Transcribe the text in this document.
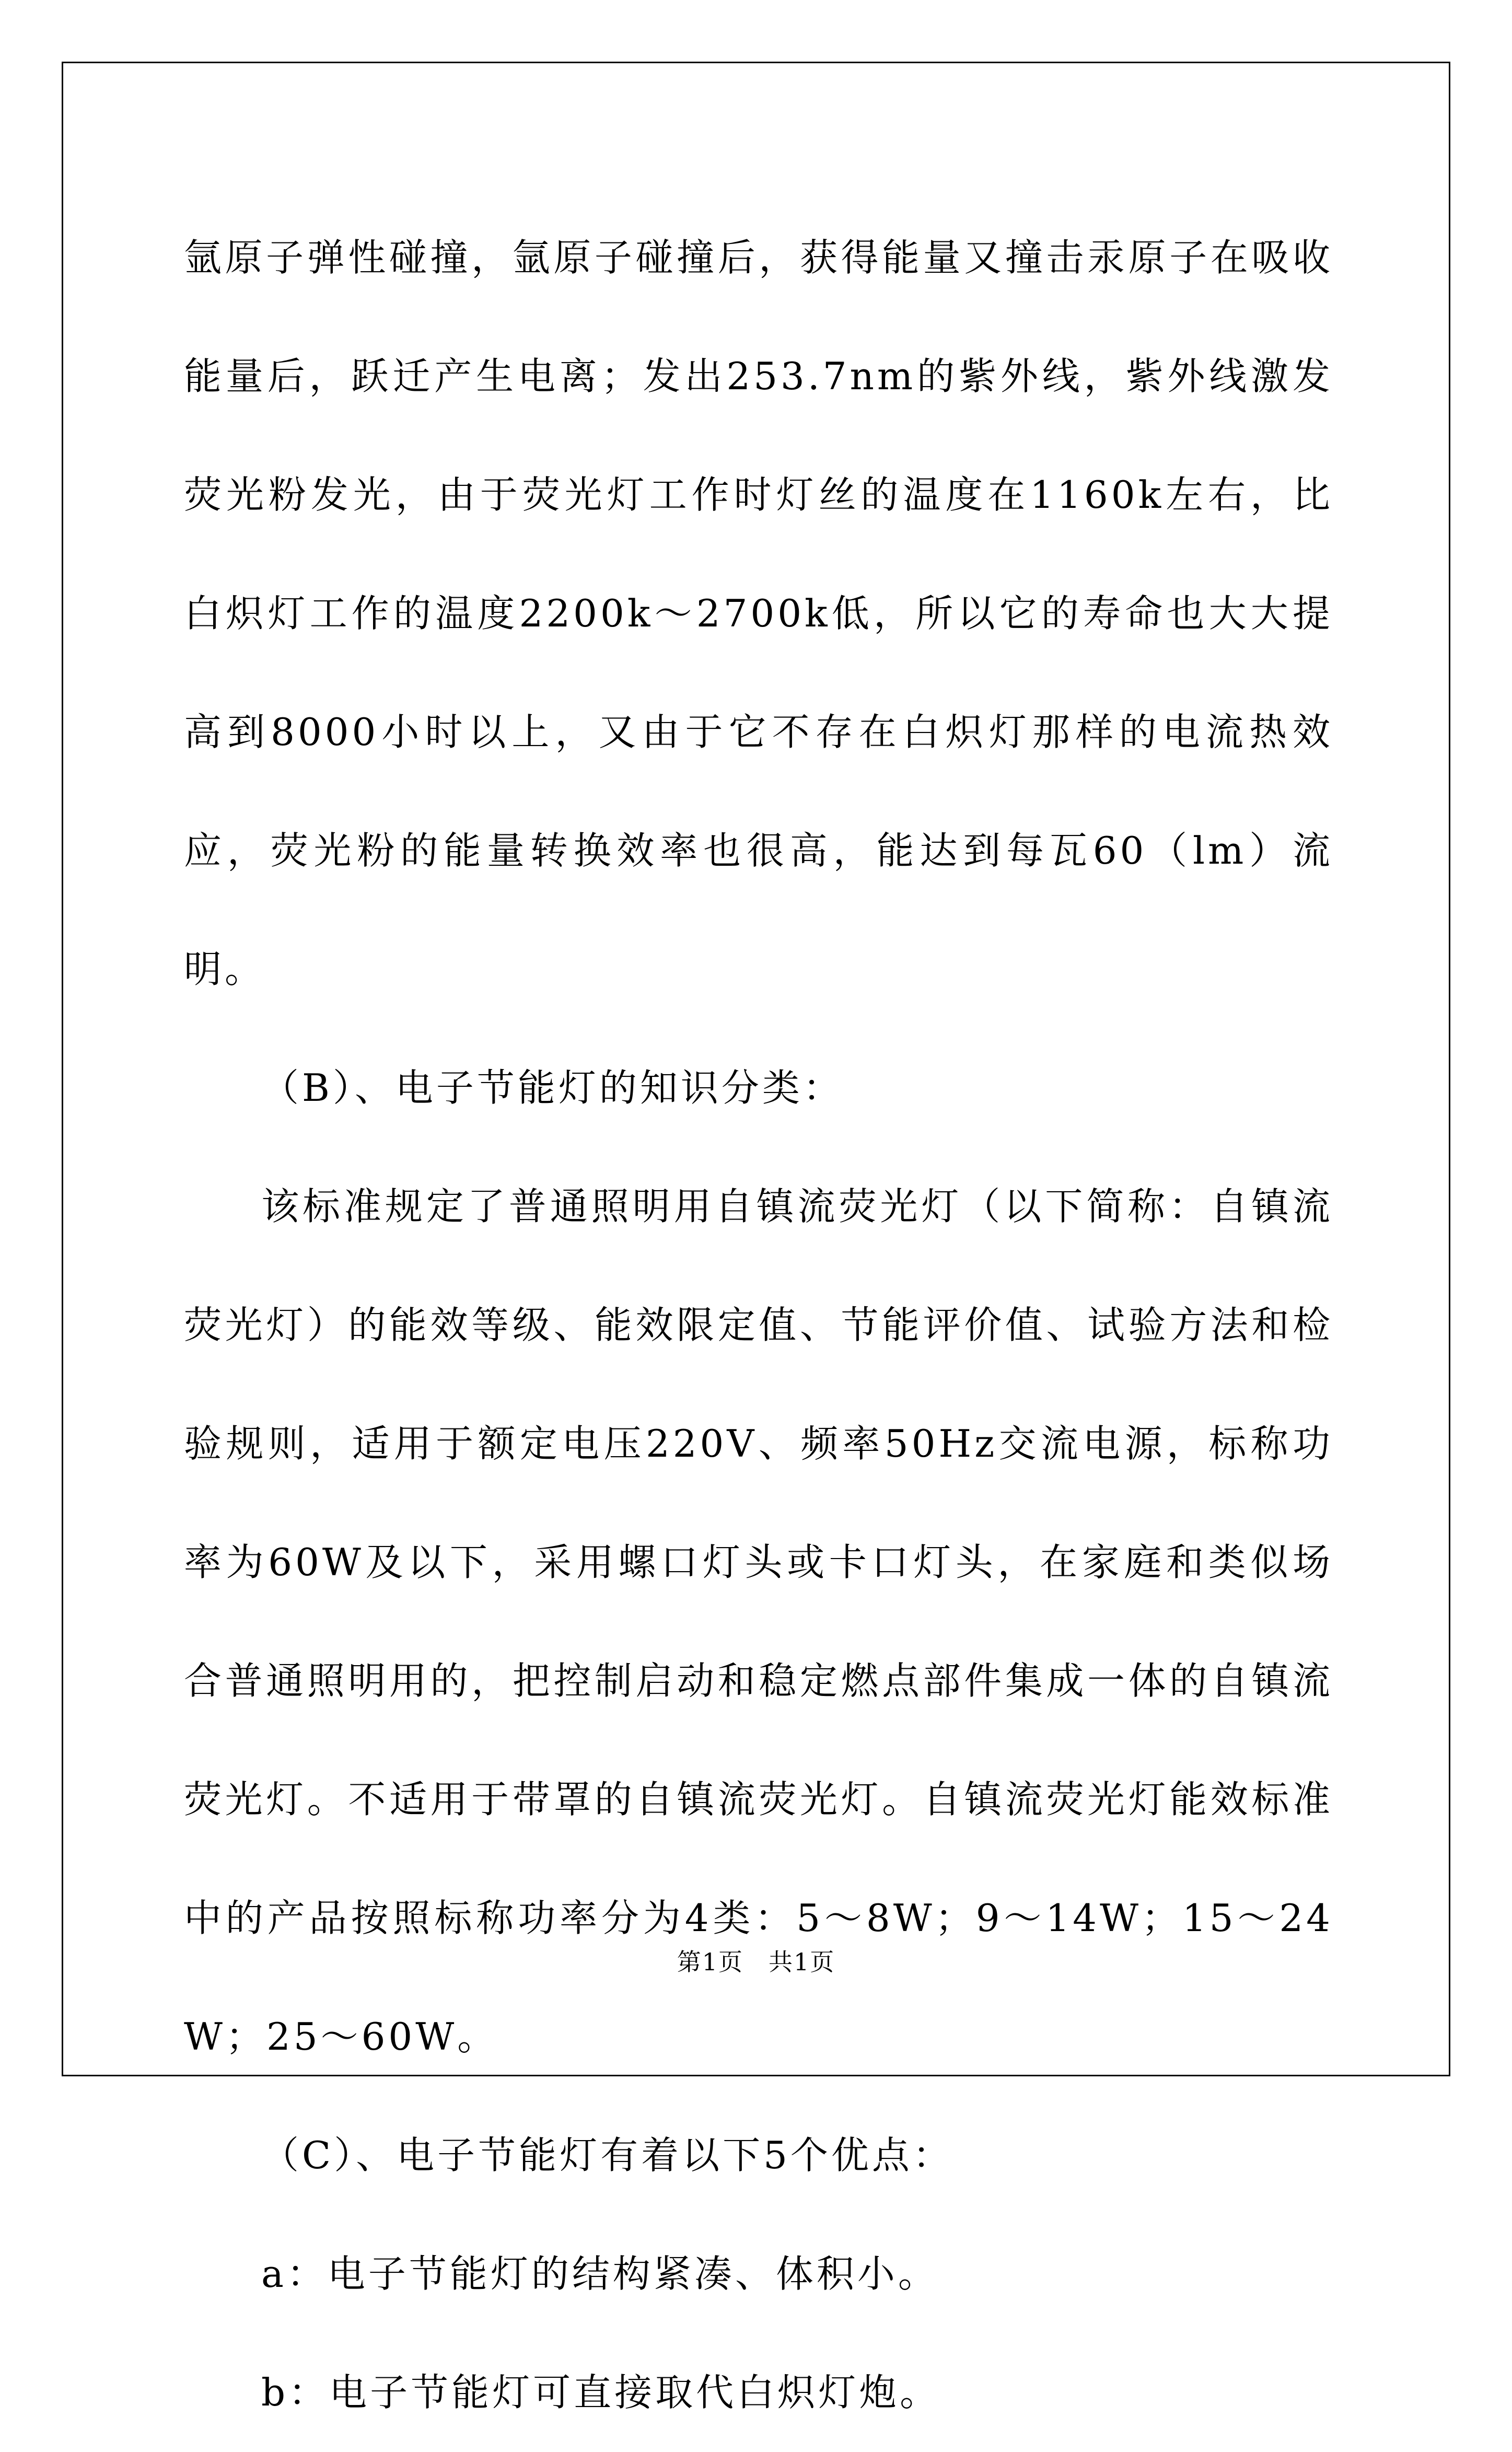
氩原子弹性碰撞，氩原子碰撞后，获得能量又撞击汞原子在吸收能量后，跃迁产生电离；发出253.7nm的紫外线，紫外线激发荧光粉发光，由于荧光灯工作时灯丝的温度在1160k左右，比白炽灯工作的温度2200k～2700k低，所以它的寿命也大大提高到8000小时以上，又由于它不存在白炽灯那样的电流热效应，荧光粉的能量转换效率也很高，能达到每瓦60（lm）流明。

（B）、电子节能灯的知识分类：

该标准规定了普通照明用自镇流荧光灯（以下简称：自镇流荧光灯）的能效等级、能效限定值、节能评价值、试验方法和检验规则，适用于额定电压220V、频率50Hz交流电源，标称功率为60W及以下，采用螺口灯头或卡口灯头，在家庭和类似场合普通照明用的，把控制启动和稳定燃点部件集成一体的自镇流荧光灯。不适用于带罩的自镇流荧光灯。自镇流荧光灯能效标准中的产品按照标称功率分为4类：5～8W；9～14W；15～24W；25～60W。

（C）、电子节能灯有着以下5个优点：

a：电子节能灯的结构紧凑、体积小。

b：电子节能灯可直接取代白炽灯炮。

第1页　共1页
